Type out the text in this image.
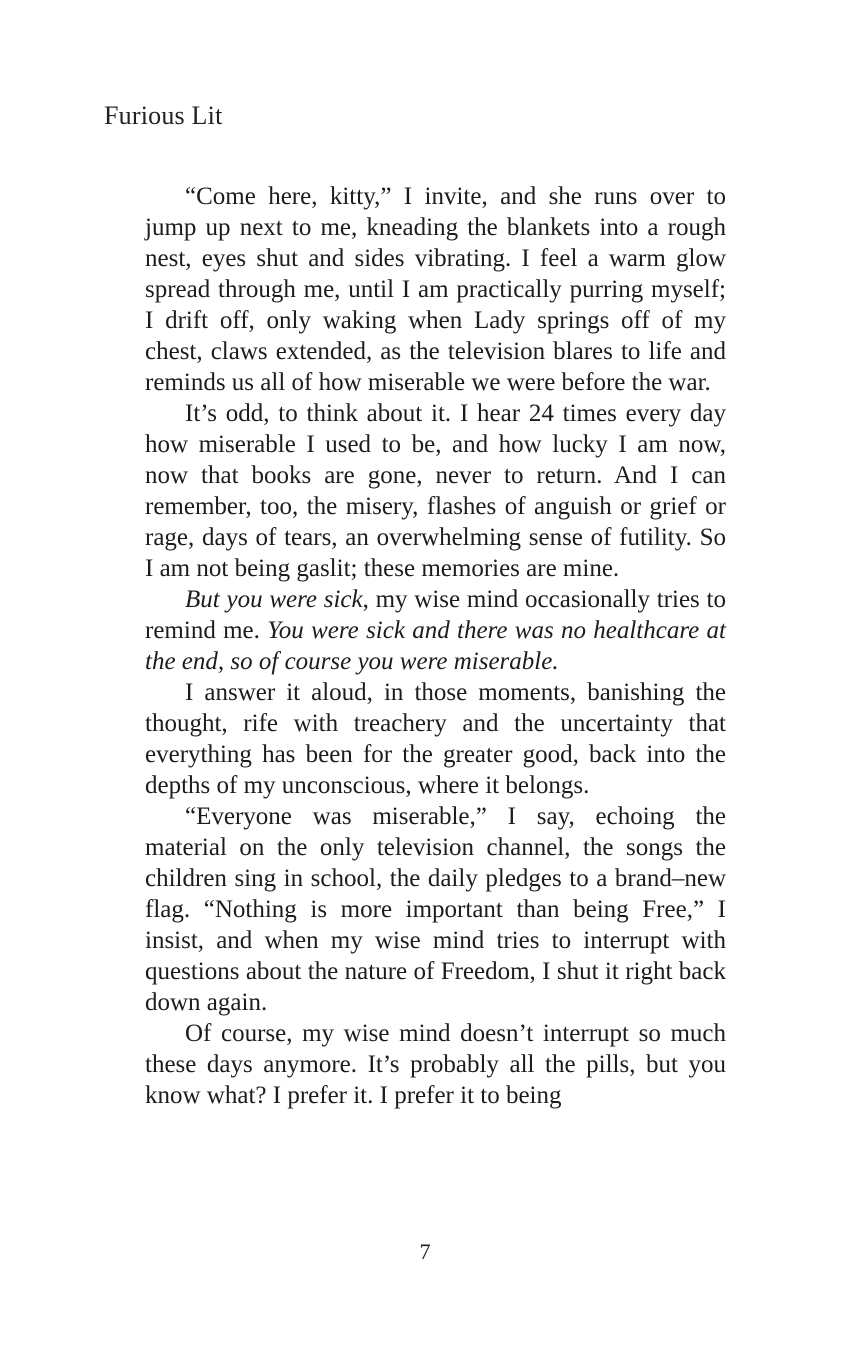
Furious Lit

“Come here, kitty,” I invite, and she runs over to jump up next to me, kneading the blankets into a rough nest, eyes shut and sides vibrating. I feel a warm glow spread through me, until I am practically purring myself; I drift off, only waking when Lady springs off of my chest, claws extended, as the television blares to life and reminds us all of how miserable we were before the war.

It’s odd, to think about it. I hear 24 times every day how miserable I used to be, and how lucky I am now, now that books are gone, never to return. And I can remember, too, the misery, flashes of anguish or grief or rage, days of tears, an overwhelming sense of futility. So I am not being gaslit; these memories are mine.

But you were sick, my wise mind occasionally tries to remind me. You were sick and there was no healthcare at the end, so of course you were miserable.

I answer it aloud, in those moments, banishing the thought, rife with treachery and the uncertainty that everything has been for the greater good, back into the depths of my unconscious, where it belongs.

“Everyone was miserable,” I say, echoing the material on the only television channel, the songs the children sing in school, the daily pledges to a brand–new flag. “Nothing is more important than being Free,” I insist, and when my wise mind tries to interrupt with questions about the nature of Freedom, I shut it right back down again.

Of course, my wise mind doesn’t interrupt so much these days anymore. It’s probably all the pills, but you know what? I prefer it. I prefer it to being

7
